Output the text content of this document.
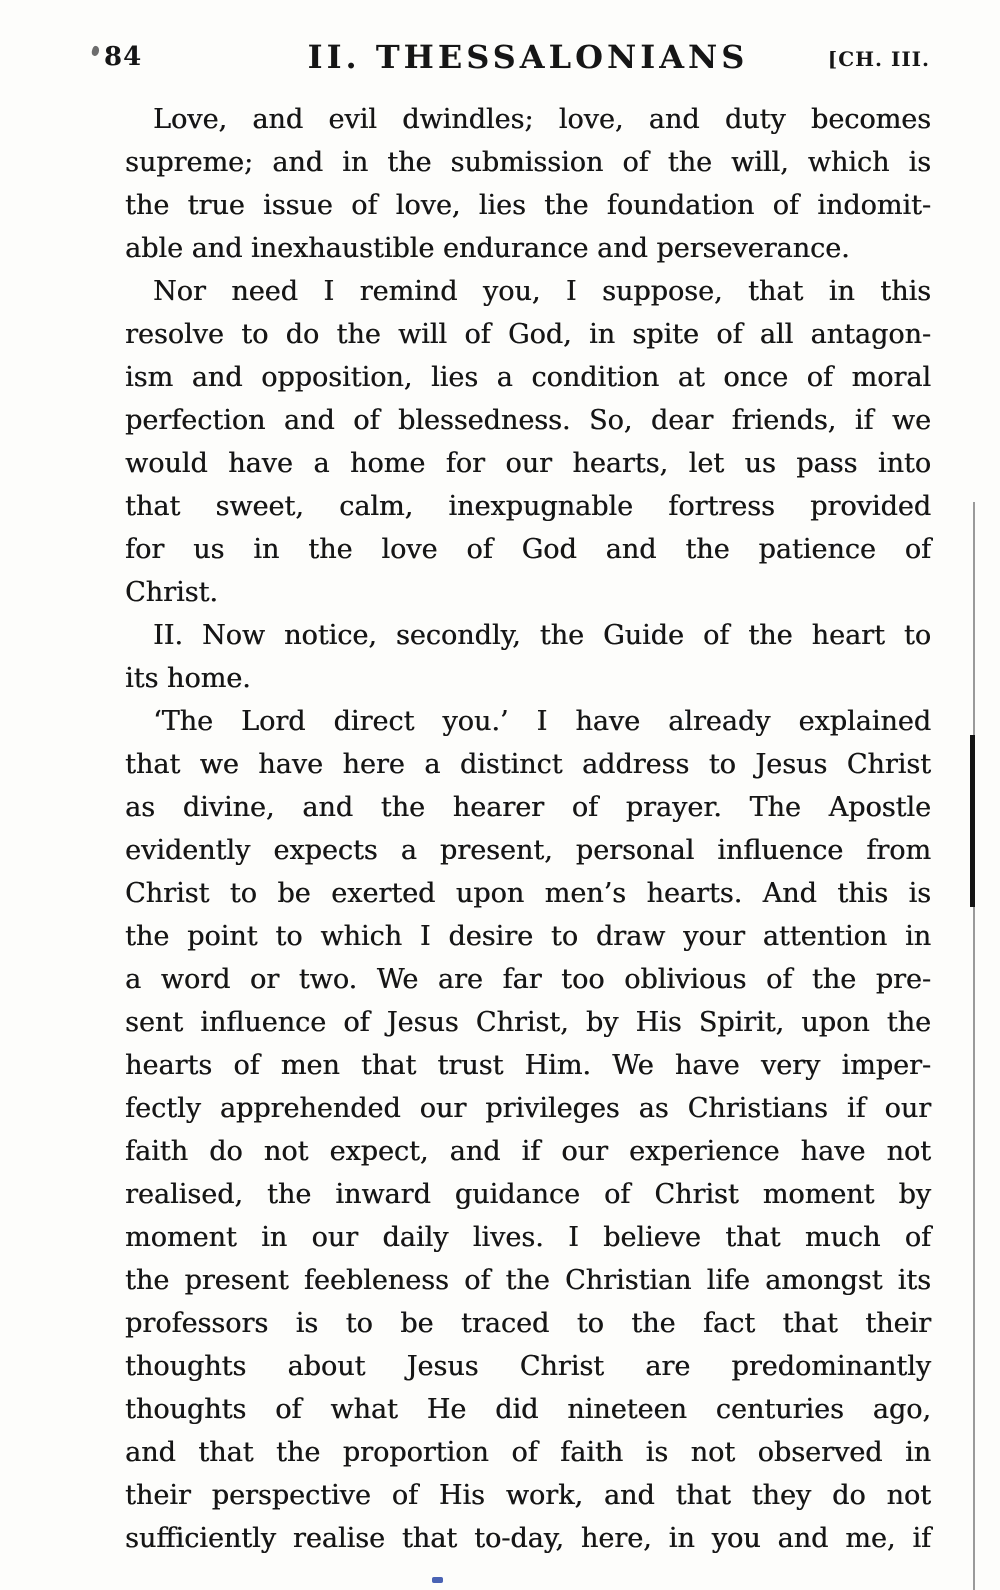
84	II. THESSALONIANS	[CH. III.
Love, and evil dwindles; love, and duty becomes
supreme; and in the submission of the will, which is
the true issue of love, lies the foundation of indomit-
able and inexhaustible endurance and perseverance.
Nor need I remind you, I suppose, that in this
resolve to do the will of God, in spite of all antagon-
ism and opposition, lies a condition at once of moral
perfection and of blessedness. So, dear friends, if we
would have a home for our hearts, let us pass into
that sweet, calm, inexpugnable fortress provided
for us in the love of God and the patience of
Christ.
II. Now notice, secondly, the Guide of the heart to
its home.
‘The Lord direct you.’ I have already explained
that we have here a distinct address to Jesus Christ
as divine, and the hearer of prayer. The Apostle
evidently expects a present, personal influence from
Christ to be exerted upon men’s hearts. And this is
the point to which I desire to draw your attention in
a word or two. We are far too oblivious of the pre-
sent influence of Jesus Christ, by His Spirit, upon the
hearts of men that trust Him. We have very imper-
fectly apprehended our privileges as Christians if our
faith do not expect, and if our experience have not
realised, the inward guidance of Christ moment by
moment in our daily lives. I believe that much of
the present feebleness of the Christian life amongst its
professors is to be traced to the fact that their
thoughts about Jesus Christ are predominantly
thoughts of what He did nineteen centuries ago,
and that the proportion of faith is not observed in
their perspective of His work, and that they do not
sufficiently realise that to-day, here, in you and me, if
